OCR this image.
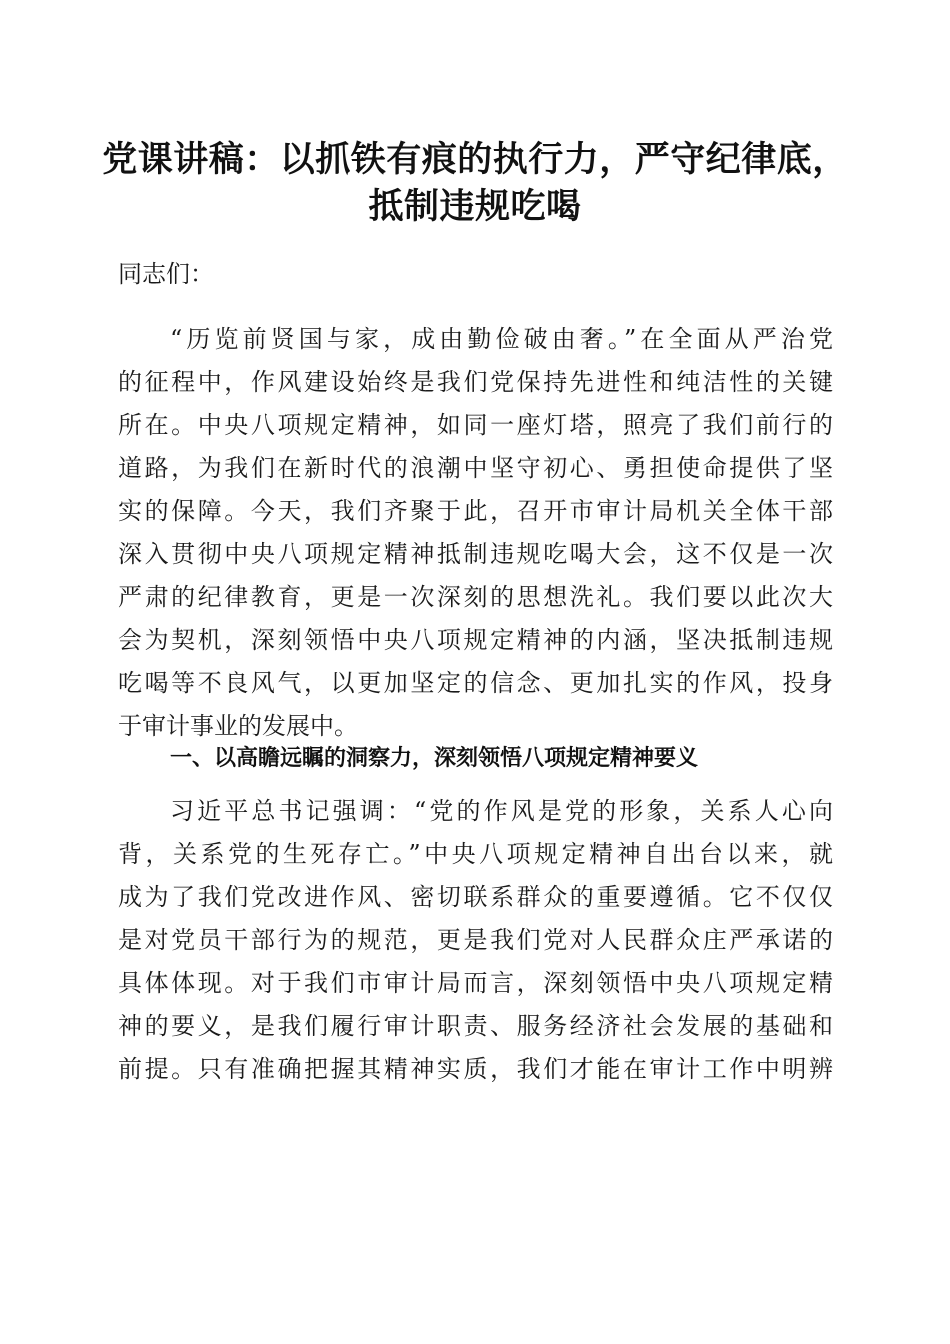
党课讲稿：以抓铁有痕的执行力，严守纪律底，
抵制违规吃喝
同志们：
“历览前贤国与家，成由勤俭破由奢。”在全面从严治党
的征程中，作风建设始终是我们党保持先进性和纯洁性的关键
所在。中央八项规定精神，如同一座灯塔，照亮了我们前行的
道路，为我们在新时代的浪潮中坚守初心、勇担使命提供了坚
实的保障。今天，我们齐聚于此，召开市审计局机关全体干部
深入贯彻中央八项规定精神抵制违规吃喝大会，这不仅是一次
严肃的纪律教育，更是一次深刻的思想洗礼。我们要以此次大
会为契机，深刻领悟中央八项规定精神的内涵，坚决抵制违规
吃喝等不良风气，以更加坚定的信念、更加扎实的作风，投身
于审计事业的发展中。
一、以高瞻远瞩的洞察力，深刻领悟八项规定精神要义
习近平总书记强调：“党的作风是党的形象，关系人心向
背，关系党的生死存亡。”中央八项规定精神自出台以来，就
成为了我们党改进作风、密切联系群众的重要遵循。它不仅仅
是对党员干部行为的规范，更是我们党对人民群众庄严承诺的
具体体现。对于我们市审计局而言，深刻领悟中央八项规定精
神的要义，是我们履行审计职责、服务经济社会发展的基础和
前提。只有准确把握其精神实质，我们才能在审计工作中明辨
